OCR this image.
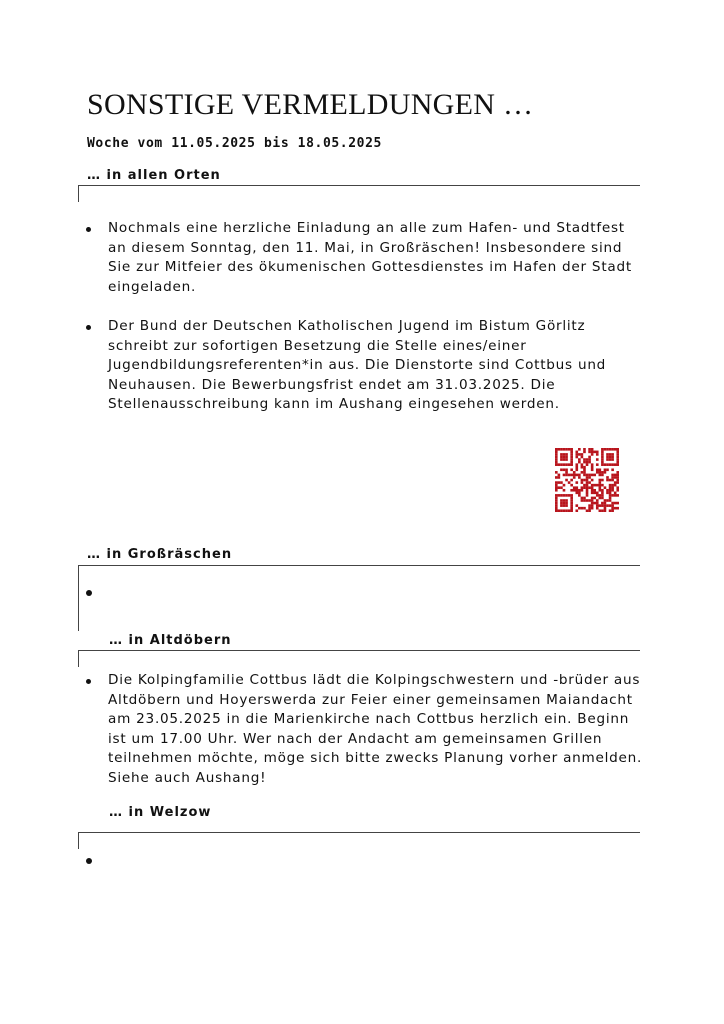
SONSTIGE VERMELDUNGEN …
Woche vom 11.05.2025 bis 18.05.2025
… in allen Orten
Nochmals eine herzliche Einladung an alle zum Hafen- und Stadtfest an diesem Sonntag, den 11. Mai, in Großräschen! Insbesondere sind Sie zur Mitfeier des ökumenischen Gottesdienstes im Hafen der Stadt eingeladen.
Der Bund der Deutschen Katholischen Jugend im Bistum Görlitz schreibt zur sofortigen Besetzung die Stelle eines/einer Jugendbildungsreferenten*in aus. Die Dienstorte sind Cottbus und Neuhausen. Die Bewerbungsfrist endet am 31.03.2025. Die Stellenausschreibung kann im Aushang eingesehen werden.
… in Großräschen
… in Altdöbern
Die Kolpingfamilie Cottbus lädt die Kolpingschwestern und -brüder aus Altdöbern und Hoyerswerda zur Feier einer gemeinsamen Maiandacht am 23.05.2025 in die Marienkirche nach Cottbus herzlich ein. Beginn ist um 17.00 Uhr. Wer nach der Andacht am gemeinsamen Grillen teilnehmen möchte, möge sich bitte zwecks Planung vorher anmelden. Siehe auch Aushang!
… in Welzow
